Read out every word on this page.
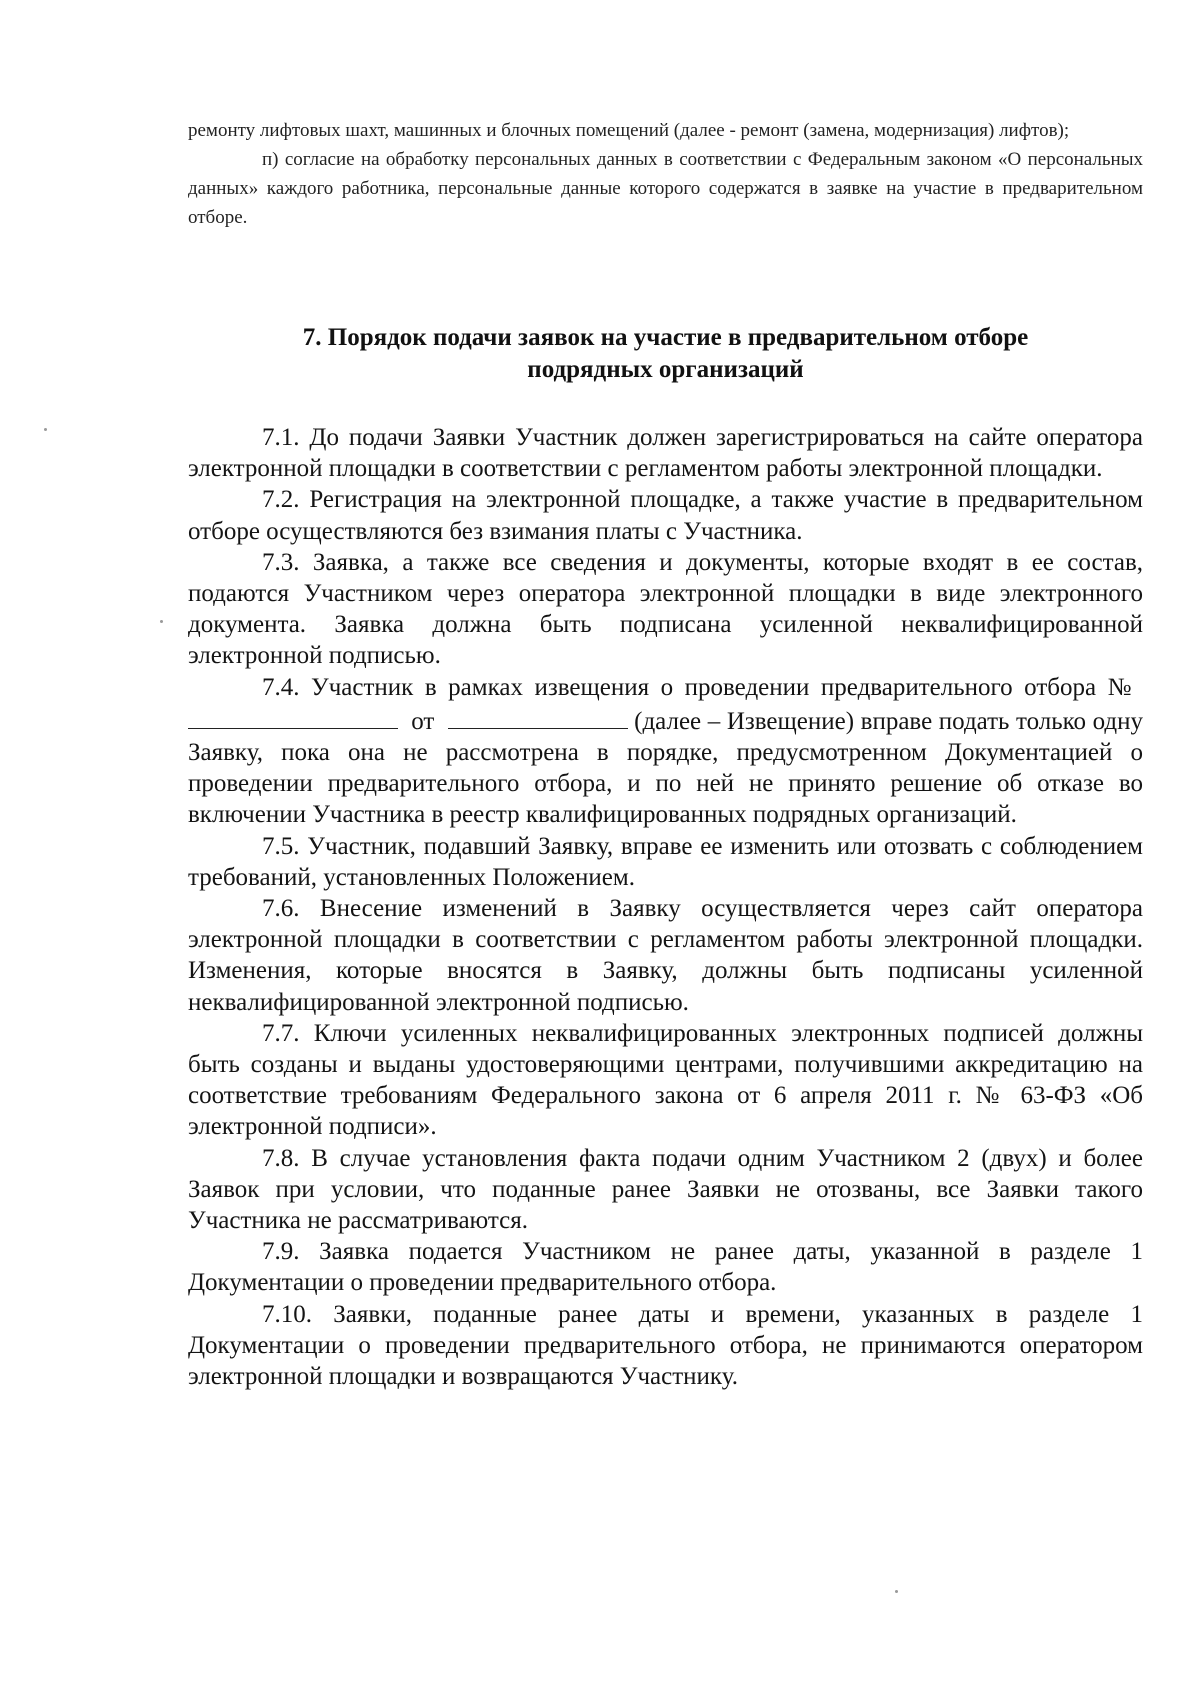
ремонту лифтовых шахт, машинных и блочных помещений (далее - ремонт (замена, модернизация) лифтов);

п) согласие на обработку персональных данных в соответствии с Федеральным законом «О персональных данных» каждого работника, персональные данные которого содержатся в заявке на участие в предварительном отборе.

7. Порядок подачи заявок на участие в предварительном отборе
подрядных организаций

7.1. До подачи Заявки Участник должен зарегистрироваться на сайте оператора электронной площадки в соответствии с регламентом работы электронной площадки.

7.2. Регистрация на электронной площадке, а также участие в предварительном отборе осуществляются без взимания платы с Участника.

7.3. Заявка, а также все сведения и документы, которые входят в ее состав, подаются Участником через оператора электронной площадки в виде электронного документа. Заявка должна быть подписана усиленной неквалифицированной электронной подписью.

7.4. Участник в рамках извещения о проведении предварительного отбора №   от	(далее – Извещение) вправе подать только одну Заявку, пока она не рассмотрена в порядке, предусмотренном Документацией о проведении предварительного отбора, и по ней не принято решение об отказе во включении Участника в реестр квалифицированных подрядных организаций.

7.5. Участник, подавший Заявку, вправе ее изменить или отозвать с соблюдением требований, установленных Положением.

7.6. Внесение изменений в Заявку осуществляется через сайт оператора электронной площадки в соответствии с регламентом работы электронной площадки. Изменения, которые вносятся в Заявку, должны быть подписаны усиленной неквалифицированной электронной подписью.

7.7. Ключи усиленных неквалифицированных электронных подписей должны быть созданы и выданы удостоверяющими центрами, получившими аккредитацию на соответствие требованиям Федерального закона от 6 апреля 2011 г. № 63-ФЗ «Об электронной подписи».

7.8. В случае установления факта подачи одним Участником 2 (двух) и более Заявок при условии, что поданные ранее Заявки не отозваны, все Заявки такого Участника не рассматриваются.

7.9. Заявка подается Участником не ранее даты, указанной в разделе 1 Документации о проведении предварительного отбора.

7.10. Заявки, поданные ранее даты и времени, указанных в разделе 1 Документации о проведении предварительного отбора, не принимаются оператором электронной площадки и возвращаются Участнику.
